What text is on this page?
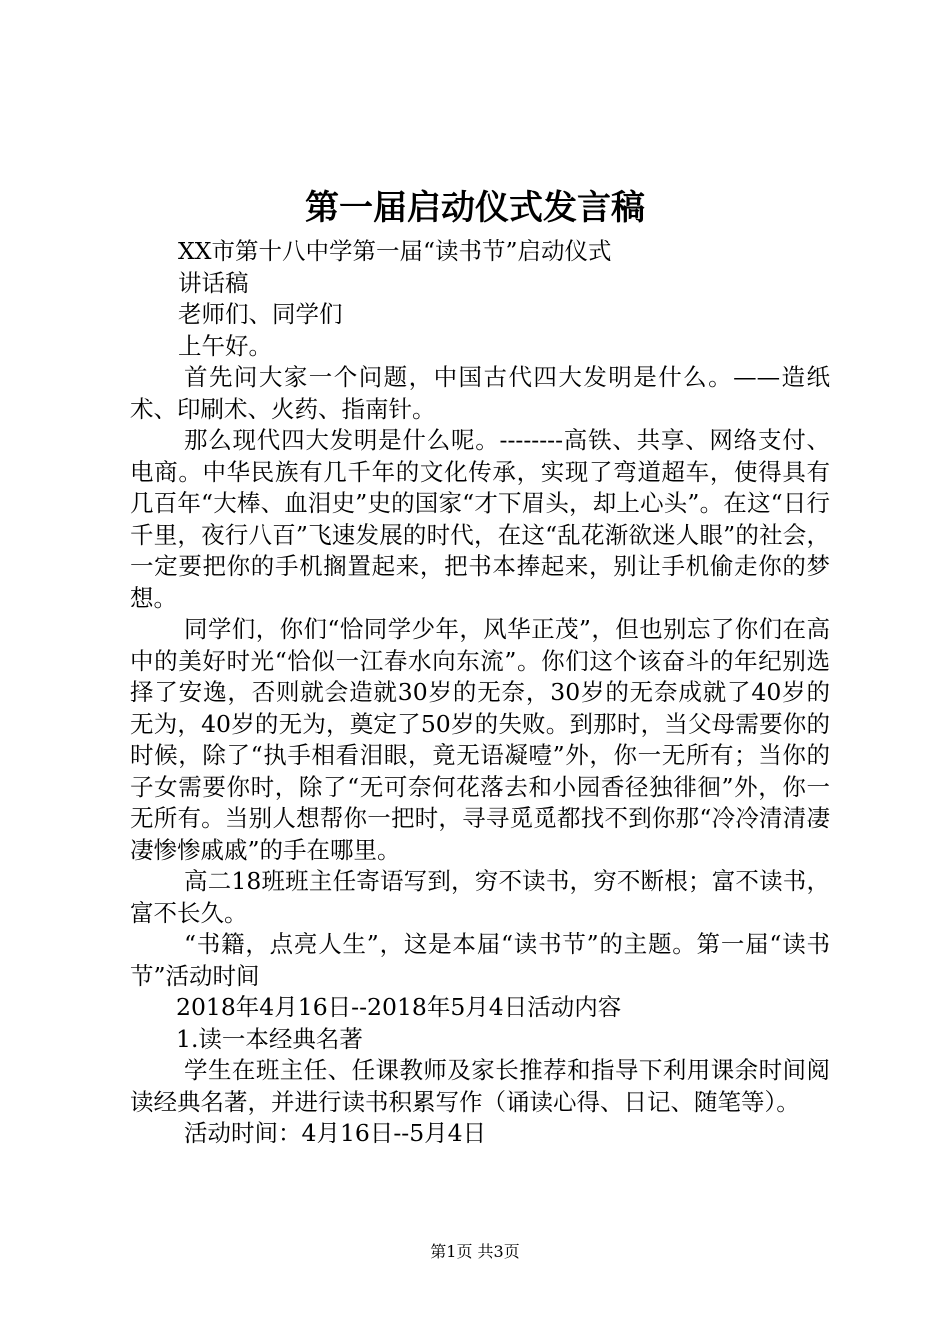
第一届启动仪式发言稿

XX市第十八中学第一届“读书节”启动仪式

讲话稿

老师们、同学们

上午好。

首先问大家一个问题，中国古代四大发明是什么。——造纸术、印刷术、火药、指南针。

那么现代四大发明是什么呢。--------高铁、共享、网络支付、电商。中华民族有几千年的文化传承，实现了弯道超车，使得具有几百年“大棒、血泪史”史的国家“才下眉头，却上心头”。在这“日行千里，夜行八百”飞速发展的时代，在这“乱花渐欲迷人眼”的社会，一定要把你的手机搁置起来，把书本捧起来，别让手机偷走你的梦想。

同学们，你们“恰同学少年，风华正茂”，但也别忘了你们在高中的美好时光“恰似一江春水向东流”。你们这个该奋斗的年纪别选择了安逸，否则就会造就30岁的无奈，30岁的无奈成就了40岁的无为，40岁的无为，奠定了50岁的失败。到那时，当父母需要你的时候，除了“执手相看泪眼，竟无语凝噎”外，你一无所有；当你的子女需要你时，除了“无可奈何花落去和小园香径独徘徊”外，你一无所有。当别人想帮你一把时，寻寻觅觅都找不到你那“冷冷清清凄凄惨惨戚戚”的手在哪里。

高二18班班主任寄语写到，穷不读书，穷不断根；富不读书，富不长久。

“书籍，点亮人生”，这是本届“读书节”的主题。第一届“读书节”活动时间

2018年4月16日--2018年5月4日活动内容

1.读一本经典名著

学生在班主任、任课教师及家长推荐和指导下利用课余时间阅读经典名著，并进行读书积累写作（诵读心得、日记、随笔等）。

活动时间：4月16日--5月4日

第1页 共3页
